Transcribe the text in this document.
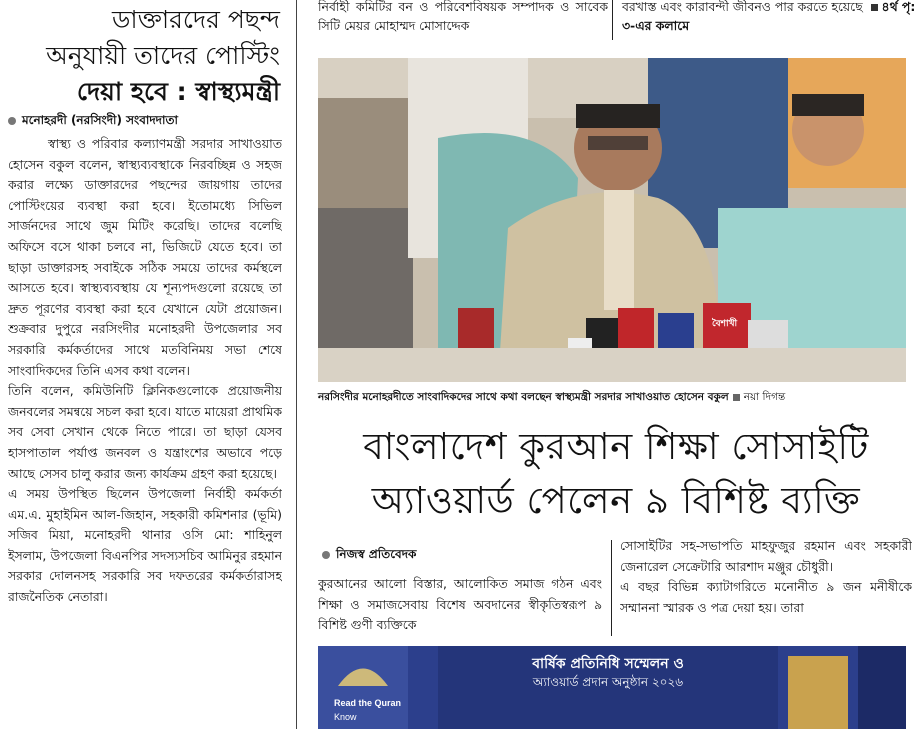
ডাক্তারদের পছন্দ
অনুযায়ী তাদের পোস্টিং
দেয়া হবে : স্বাস্থ্যমন্ত্রী
মনোহরদী (নরসিংদী) সংবাদদাতা
স্বাস্থ্য ও পরিবার কল্যাণমন্ত্রী সরদার সাখাওয়াত হোসেন বকুল বলেন, স্বাস্থ্যব্যবস্থাকে নিরবচ্ছিন্ন ও সহজ করার লক্ষ্যে ডাক্তারদের পছন্দের জায়গায় তাদের পোস্টিংয়ের ব্যবস্থা করা হবে। ইতোমধ্যে সিভিল সার্জনদের সাথে জুম মিটিং করেছি। তাদের বলেছি অফিসে বসে থাকা চলবে না, ভিজিটে যেতে হবে। তা ছাড়া ডাক্তারসহ সবাইকে সঠিক সময়ে তাদের কর্মস্থলে আসতে হবে। স্বাস্থ্যব্যবস্থায় যে শূন্যপদগুলো রয়েছে তা দ্রুত পূরণের ব্যবস্থা করা হবে যেখানে যেটা প্রয়োজন। শুক্রবার দুপুরে নরসিংদীর মনোহরদী উপজেলার সব সরকারি কর্মকর্তাদের সাথে মতবিনিময় সভা শেষে সাংবাদিকদের তিনি এসব কথা বলেন।
তিনি বলেন, কমিউনিটি ক্লিনিকগুলোকে প্রয়োজনীয় জনবলের সমন্বয়ে সচল করা হবে। যাতে মায়েরা প্রাথমিক সব সেবা সেখান থেকে নিতে পারে। তা ছাড়া যেসব হাসপাতাল পর্যাপ্ত জনবল ও যন্ত্রাংশের অভাবে পড়ে আছে সেসব চালু করার জন্য কার্যক্রম গ্রহণ করা হয়েছে।
এ সময় উপস্থিত ছিলেন উপজেলা নির্বাহী কর্মকর্তা এম.এ. মুহাইমিন আল-জিহান, সহকারী কমিশনার (ভূমি) সজিব মিয়া, মনোহরদী থানার ওসি মো: শাহিনুল ইসলাম, উপজেলা বিএনপির সদস্যসচিব আমিনুর রহমান সরকার দোলনসহ সরকারি সব দফতরের কর্মকর্তারাসহ রাজনৈতিক নেতারা।
নির্বাহী কমিটির বন ও পরিবেশবিষয়ক সম্পাদক ও সাবেক সিটি মেয়র মোহাম্মদ মোসাদ্দেক
বরখাস্ত এবং কারাবন্দী জীবনও পার করতে হয়েছে ৪র্থ পৃ: ৩-এর কলামে
বৈশাখী
নরসিংদীর মনোহরদীতে সাংবাদিকদের সাথে কথা বলছেন স্বাস্থ্যমন্ত্রী সরদার সাখাওয়াত হোসেন বকুল নয়া দিগন্ত
বাংলাদেশ কুরআন শিক্ষা সোসাইটি
অ্যাওয়ার্ড পেলেন ৯ বিশিষ্ট ব্যক্তি
নিজস্ব প্রতিবেদক
কুরআনের আলো বিস্তার, আলোকিত সমাজ গঠন এবং শিক্ষা ও সমাজসেবায় বিশেষ অবদানের স্বীকৃতিস্বরূপ ৯ বিশিষ্ট গুণী ব্যক্তিকে
সোসাইটির সহ-সভাপতি মাহফুজুর রহমান এবং সহকারী জেনারেল সেক্রেটারি আরশাদ মঞ্জুর চৌধুরী।
এ বছর বিভিন্ন ক্যাটাগরিতে মনোনীত ৯ জন মনীষীকে সম্মাননা স্মারক ও পত্র দেয়া হয়। তারা
বার্ষিক প্রতিনিধি সম্মেলন ও
অ্যাওয়ার্ড প্রদান অনুষ্ঠান ২০২৬
Read the Quran
Know
